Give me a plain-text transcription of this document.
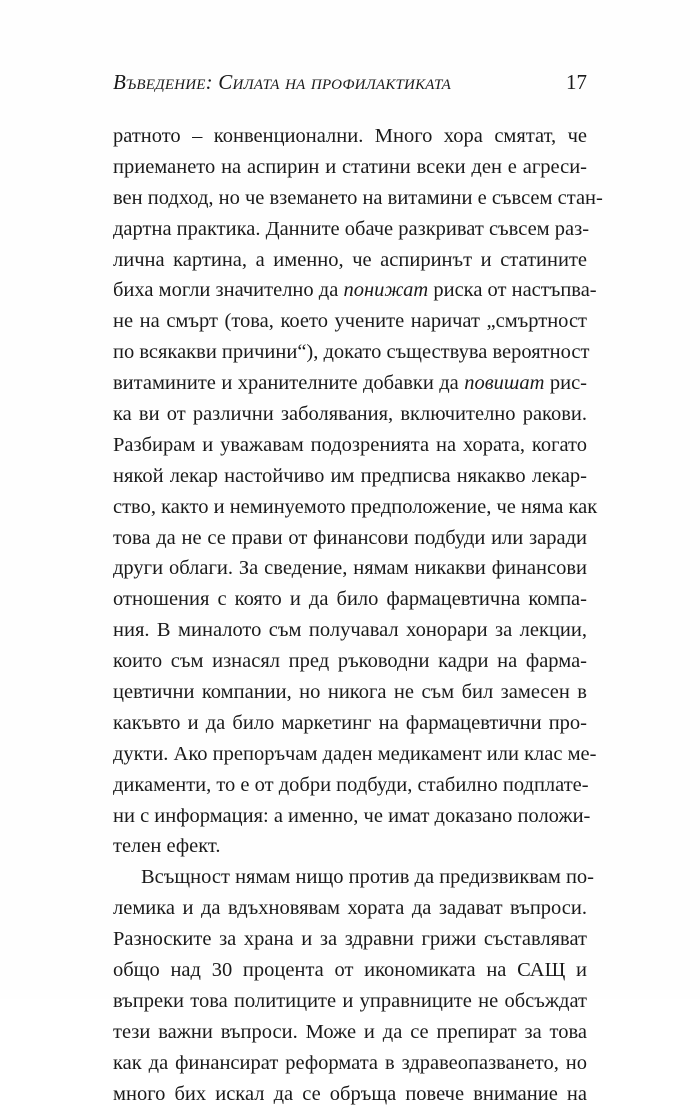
Въведение: Силата на профилактиката	17
ратното – конвенционални. Много хора смятат, че
приемането на аспирин и статини всеки ден е агреси-
вен подход, но че вземането на витамини е съвсем стан-
дартна практика. Данните обаче разкриват съвсем раз-
лична картина, а именно, че аспиринът и статините
биха могли значително да понижат риска от настъпва-
не на смърт (това, което учените наричат „смъртност
по всякакви причини“), докато съществува вероятност
витамините и хранителните добавки да повишат рис-
ка ви от различни заболявания, включително ракови.
Разбирам и уважавам подозренията на хората, когато
някой лекар настойчиво им предписва някакво лекар-
ство, както и неминуемото предположение, че няма как
това да не се прави от финансови подбуди или заради
други облаги. За сведение, нямам никакви финансови
отношения с която и да било фармацевтична компа-
ния. В миналото съм получавал хонорари за лекции,
които съм изнасял пред ръководни кадри на фарма-
цевтични компании, но никога не съм бил замесен в
какъвто и да било маркетинг на фармацевтични про-
дукти. Ако препоръчам даден медикамент или клас ме-
дикаменти, то е от добри подбуди, стабилно подплате-
ни с информация: а именно, че имат доказано положи-
телен ефект.
Всъщност нямам нищо против да предизвиквам по-
лемика и да вдъхновявам хората да задават въпроси.
Разноските за храна и за здравни грижи съставляват
общо над 30 процента от икономиката на САЩ и
въпреки това политиците и управниците не обсъждат
тези важни въпроси. Може и да се препират за това
как да финансират реформата в здравеопазването, но
много бих искал да се обръща повече внимание на
